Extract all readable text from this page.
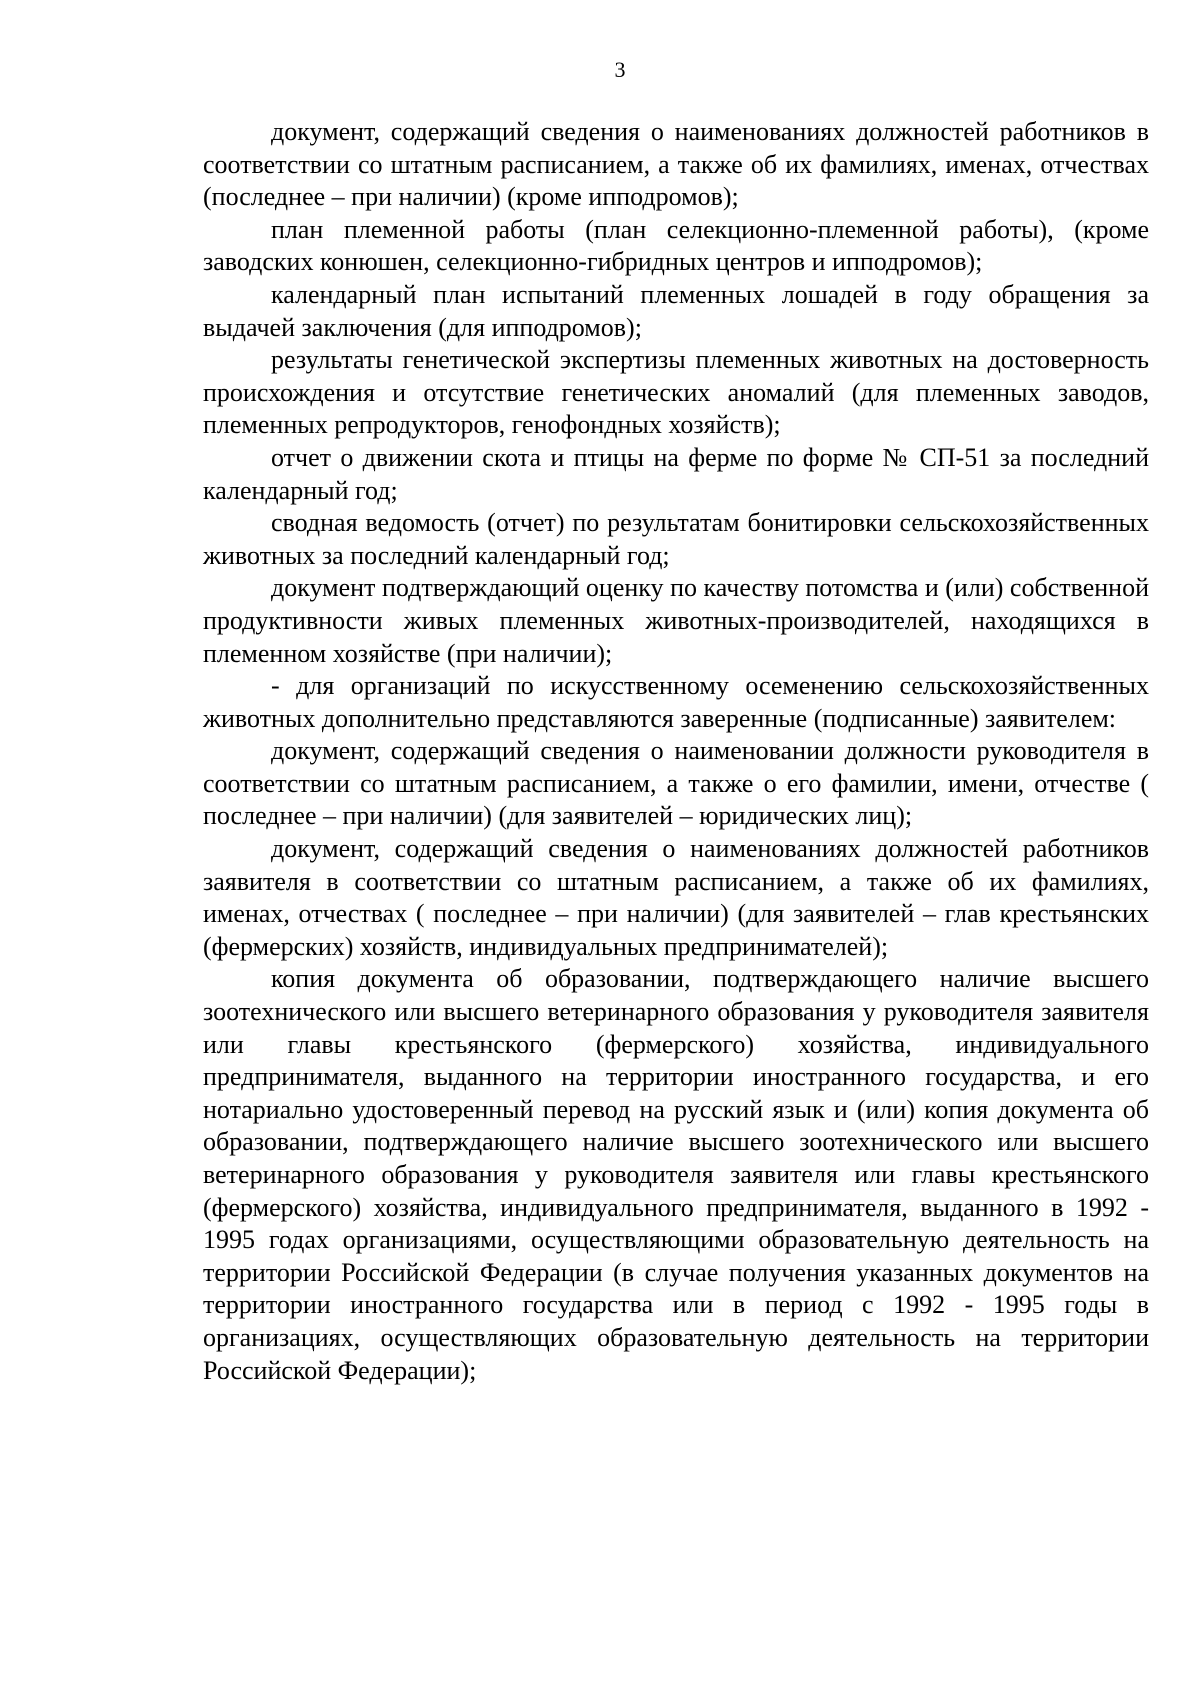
3

документ, содержащий сведения о наименованиях должностей работников в соответствии со штатным расписанием, а также об их фамилиях, именах, отчествах (последнее – при наличии) (кроме ипподромов);

план племенной работы (план селекционно-племенной работы), (кроме заводских конюшен, селекционно-гибридных центров и ипподромов);

календарный план испытаний племенных лошадей в году обращения за выдачей заключения (для ипподромов);

результаты генетической экспертизы племенных животных на достоверность происхождения и отсутствие генетических аномалий (для племенных заводов, племенных репродукторов, генофондных хозяйств);

отчет о движении скота и птицы на ферме по форме № СП-51 за последний календарный год;

сводная ведомость (отчет) по результатам бонитировки сельскохозяйственных животных за последний календарный год;

документ подтверждающий оценку по качеству потомства и (или) собственной продуктивности живых племенных животных-производителей, находящихся в племенном хозяйстве (при наличии);

- для организаций по искусственному осеменению сельскохозяйственных животных дополнительно представляются заверенные (подписанные) заявителем:

документ, содержащий сведения о наименовании должности руководителя в соответствии со штатным расписанием, а также о его фамилии, имени, отчестве ( последнее – при наличии) (для заявителей – юридических лиц);

документ, содержащий сведения о наименованиях должностей работников заявителя в соответствии со штатным расписанием, а также об их фамилиях, именах, отчествах ( последнее – при наличии) (для заявителей – глав крестьянских (фермерских) хозяйств, индивидуальных предпринимателей);

копия документа об образовании, подтверждающего наличие высшего зоотехнического или высшего ветеринарного образования у руководителя заявителя или главы крестьянского (фермерского) хозяйства, индивидуального предпринимателя, выданного на территории иностранного государства, и его нотариально удостоверенный перевод на русский язык и (или) копия документа об образовании, подтверждающего наличие высшего зоотехнического или высшего ветеринарного образования у руководителя заявителя или главы крестьянского (фермерского) хозяйства, индивидуального предпринимателя, выданного в 1992 - 1995 годах организациями, осуществляющими образовательную деятельность на территории Российской Федерации (в случае получения указанных документов на территории иностранного государства или в период с 1992 - 1995 годы в организациях, осуществляющих образовательную деятельность на территории Российской Федерации);
